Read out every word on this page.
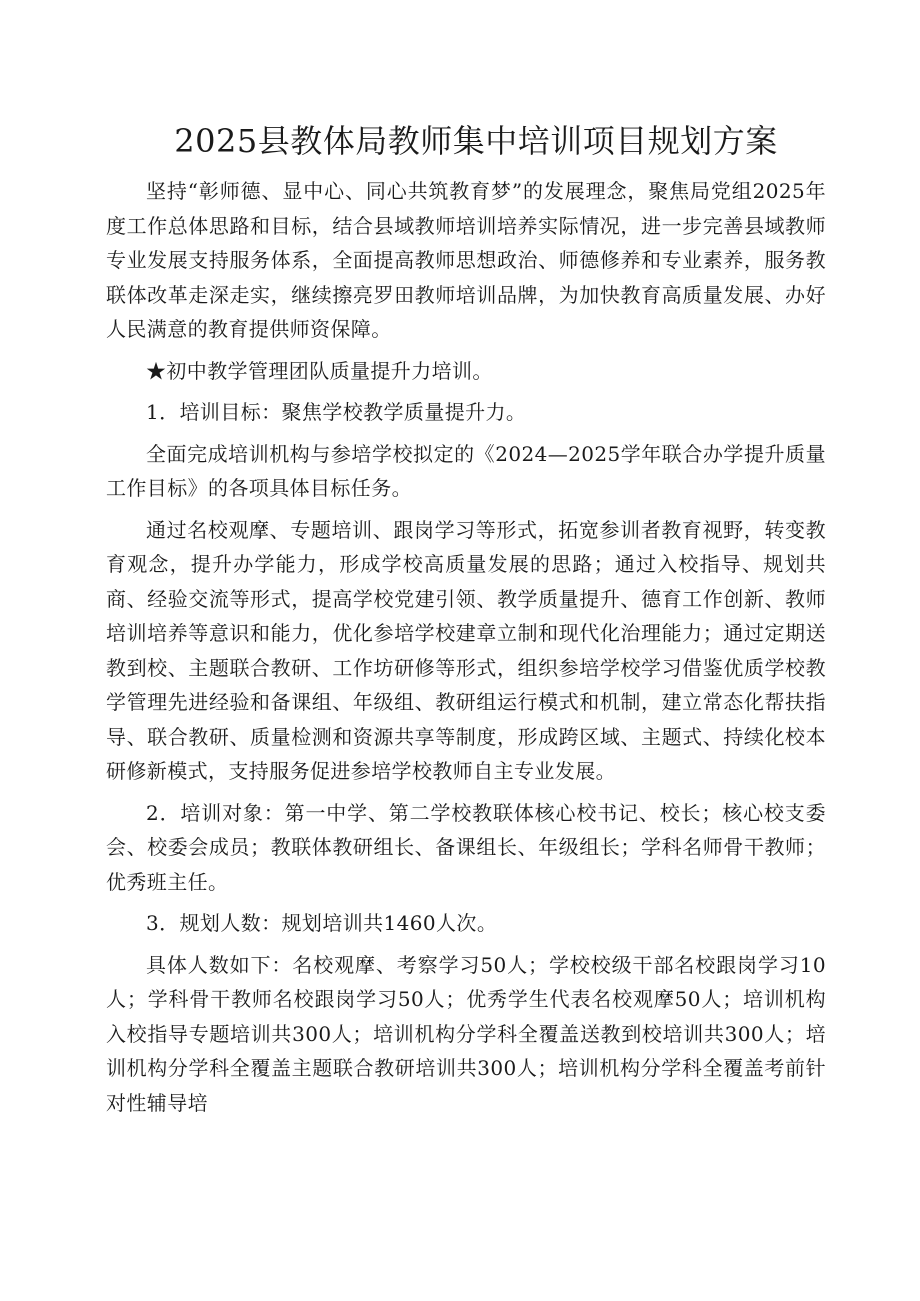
2025县教体局教师集中培训项目规划方案

坚持“彰师德、显中心、同心共筑教育梦”的发展理念，聚焦局党组2025年度工作总体思路和目标，结合县域教师培训培养实际情况，进一步完善县域教师专业发展支持服务体系，全面提高教师思想政治、师德修养和专业素养，服务教联体改革走深走实，继续擦亮罗田教师培训品牌，为加快教育高质量发展、办好人民满意的教育提供师资保障。

★初中教学管理团队质量提升力培训。

1．培训目标：聚焦学校教学质量提升力。

全面完成培训机构与参培学校拟定的《2024—2025学年联合办学提升质量工作目标》的各项具体目标任务。

通过名校观摩、专题培训、跟岗学习等形式，拓宽参训者教育视野，转变教育观念，提升办学能力，形成学校高质量发展的思路；通过入校指导、规划共商、经验交流等形式，提高学校党建引领、教学质量提升、德育工作创新、教师培训培养等意识和能力，优化参培学校建章立制和现代化治理能力；通过定期送教到校、主题联合教研、工作坊研修等形式，组织参培学校学习借鉴优质学校教学管理先进经验和备课组、年级组、教研组运行模式和机制，建立常态化帮扶指导、联合教研、质量检测和资源共享等制度，形成跨区域、主题式、持续化校本研修新模式，支持服务促进参培学校教师自主专业发展。

2．培训对象：第一中学、第二学校教联体核心校书记、校长；核心校支委会、校委会成员；教联体教研组长、备课组长、年级组长；学科名师骨干教师；优秀班主任。

3．规划人数：规划培训共1460人次。

具体人数如下：名校观摩、考察学习50人；学校校级干部名校跟岗学习10人；学科骨干教师名校跟岗学习50人；优秀学生代表名校观摩50人；培训机构入校指导专题培训共300人；培训机构分学科全覆盖送教到校培训共300人；培训机构分学科全覆盖主题联合教研培训共300人；培训机构分学科全覆盖考前针对性辅导培
